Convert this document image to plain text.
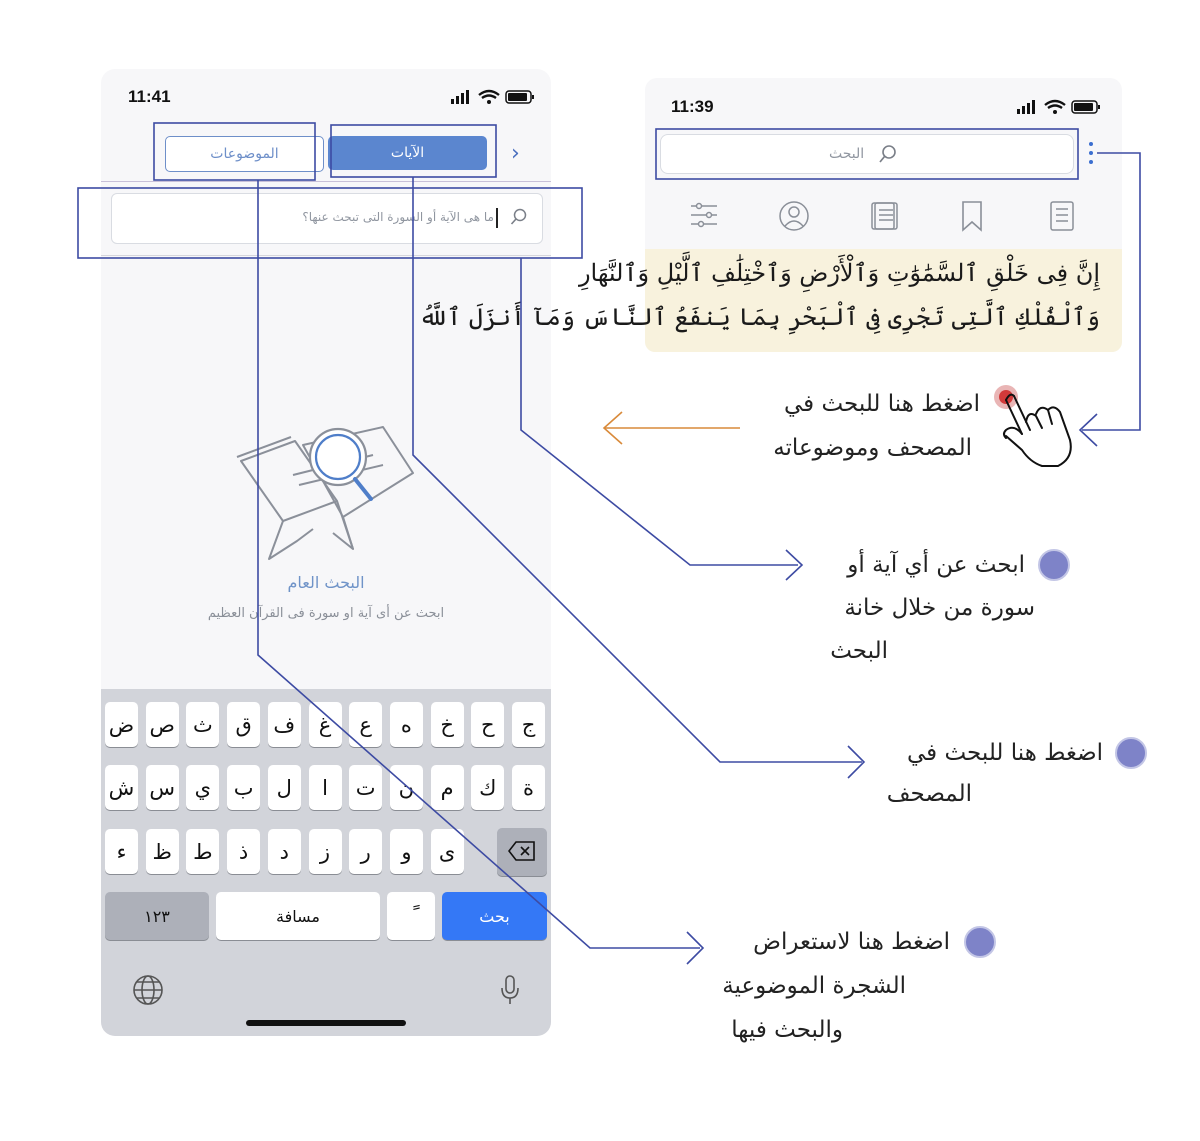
11:41
الموضوعات	الآيات	›
ما هى الآية أو السورة التى تبحث عنها؟
البحث العام
ابحث عن أى آية او سورة فى القرآن العظيم
ض ص ث	ق	ف	غ	ع	ه	خ	ح	ج
ش س ي	ب	ل	ا	ت	ن	م	ك	ة
ء	ظ	ط	ذ	د	ز	ر	و	ى
١٢٣	مسافة	بحث
11:39
البحث
إِنَّ فِى خَلْقِ ٱلسَّمَٰوَٰتِ وَٱلْأَرْضِ وَٱخْتِلَٰفِ ٱلَّيْلِ وَٱلنَّهَارِ
وَٱلْفُلْكِ ٱلَّتِى تَجْرِى فِى ٱلْبَحْرِ بِمَا يَنفَعُ ٱلنَّاسَ وَمَآ أَنزَلَ ٱللَّهُ
اضغط هنا للبحث في
المصحف وموضوعاته
ابحث عن أي آية أو
سورة من خلال خانة
البحث
اضغط هنا للبحث في
المصحف
اضغط هنا لاستعراض
الشجرة الموضوعية
والبحث فيها
